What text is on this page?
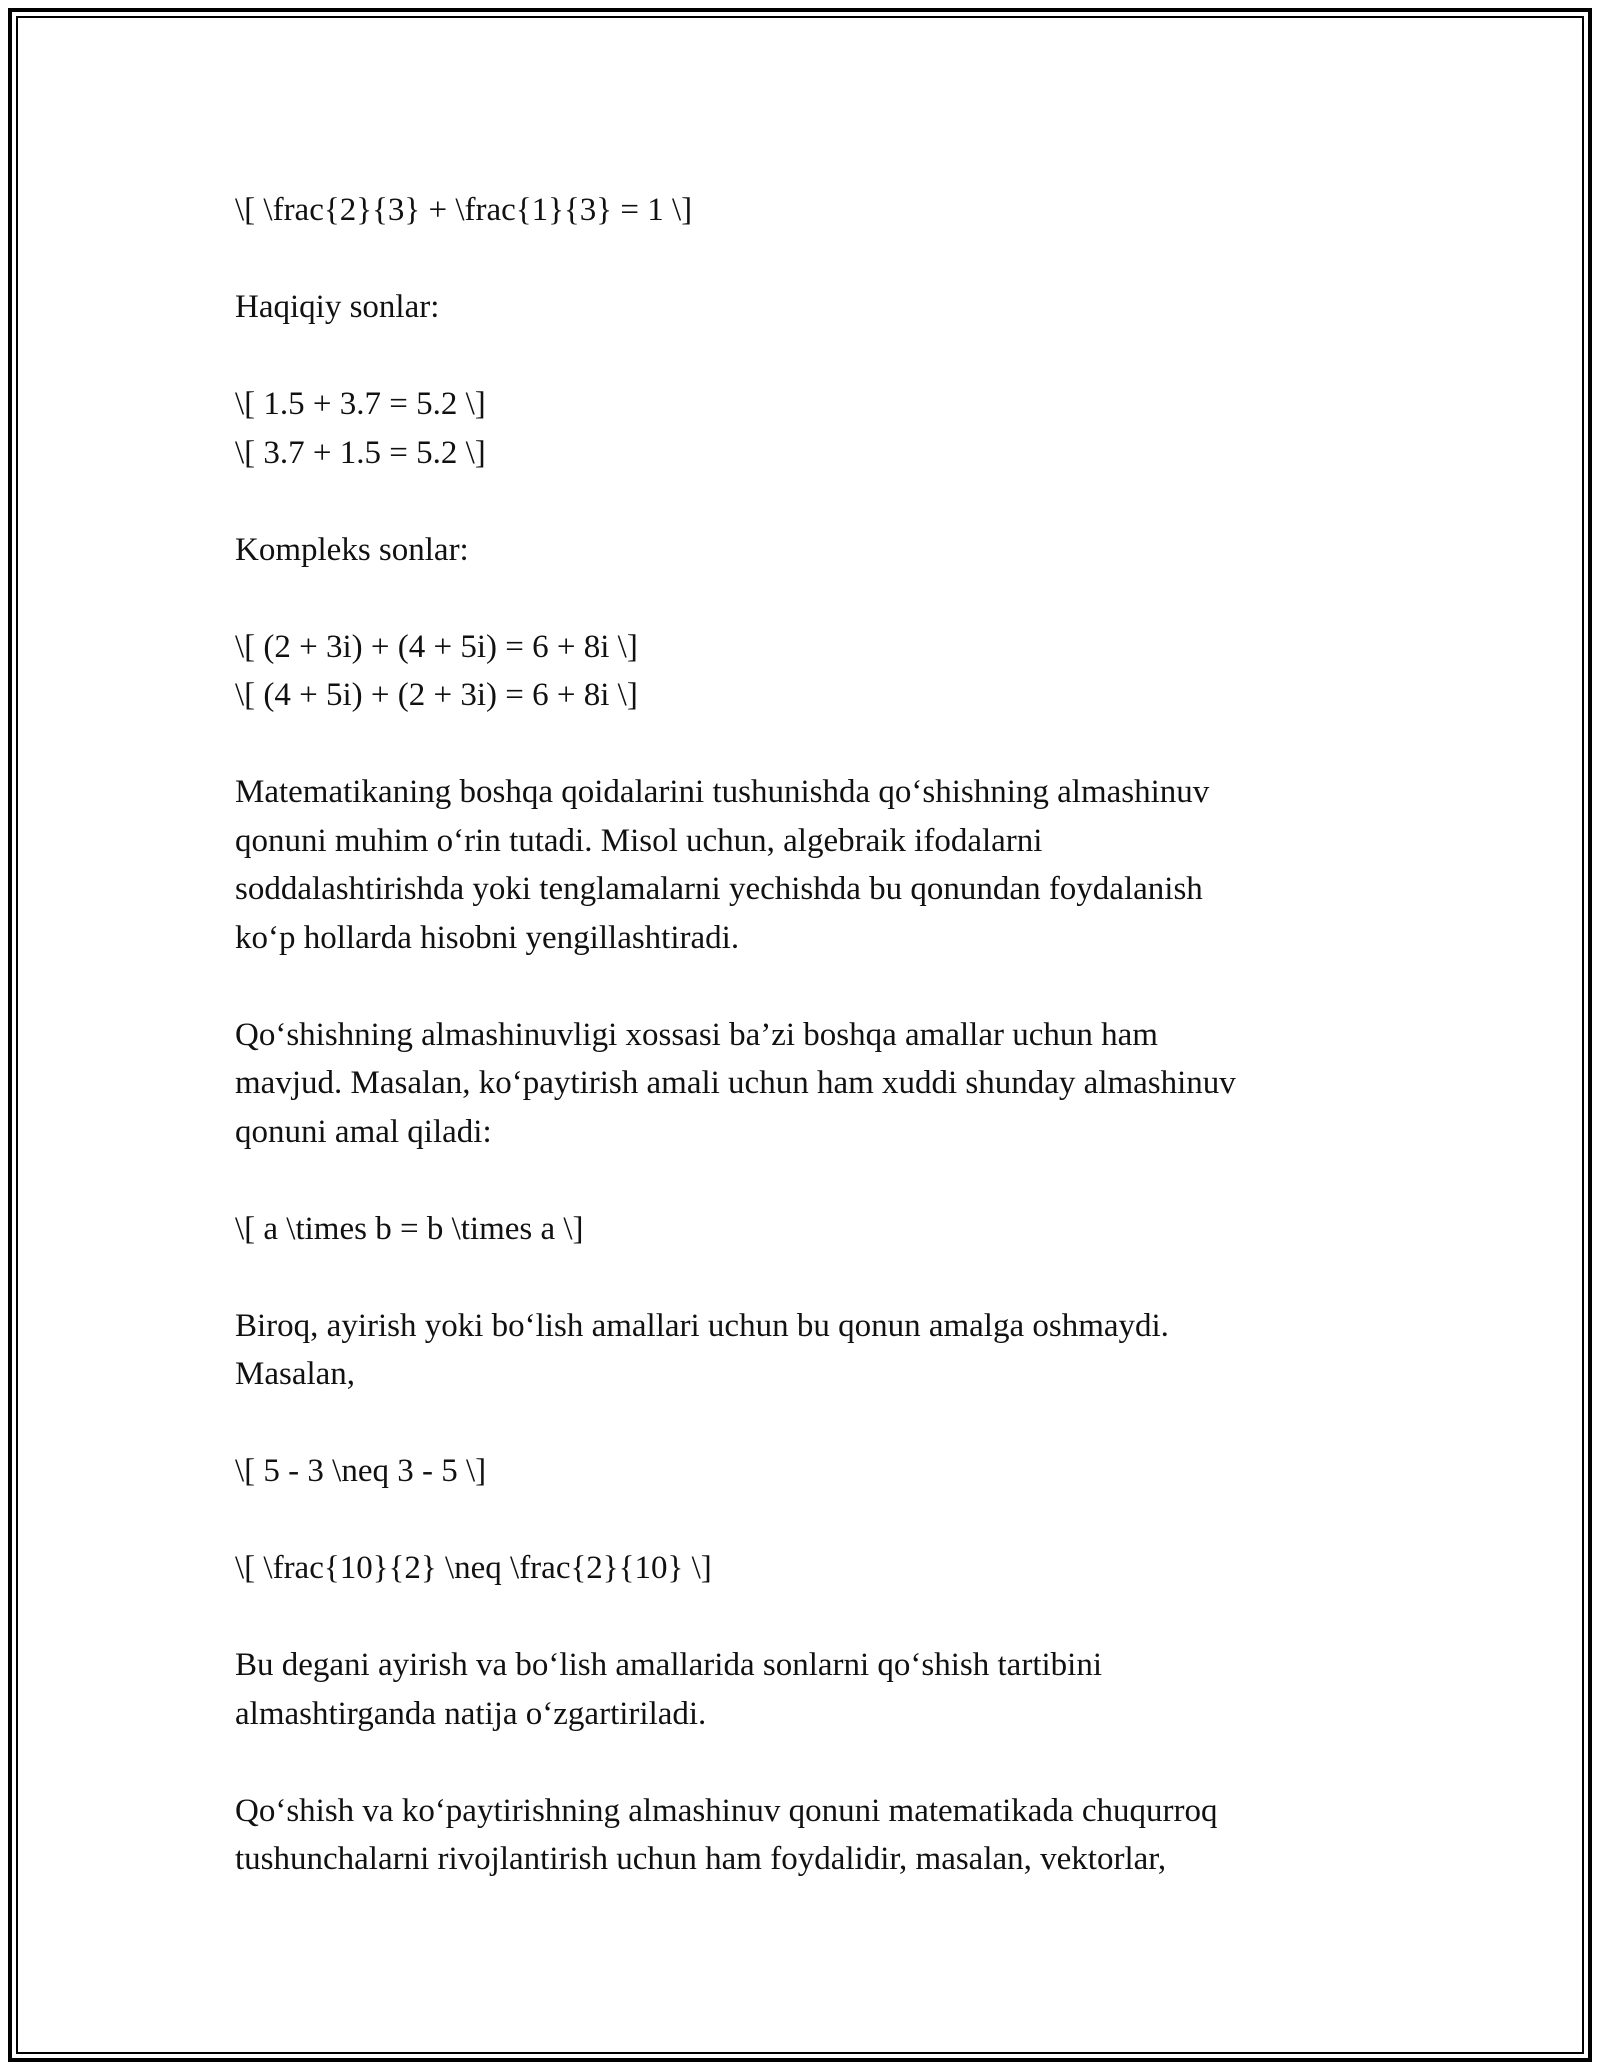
\[ \frac{2}{3} + \frac{1}{3} = 1 \]
Haqiqiy sonlar:
\[ 1.5 + 3.7 = 5.2 \]
\[ 3.7 + 1.5 = 5.2 \]
Kompleks sonlar:
\[ (2 + 3i) + (4 + 5i) = 6 + 8i \]
\[ (4 + 5i) + (2 + 3i) = 6 + 8i \]
Matematikaning boshqa qoidalarini tushunishda qo‘shishning almashinuv
qonuni muhim o‘rin tutadi. Misol uchun, algebraik ifodalarni
soddalashtirishda yoki tenglamalarni yechishda bu qonundan foydalanish
ko‘p hollarda hisobni yengillashtiradi.
Qo‘shishning almashinuvligi xossasi ba’zi boshqa amallar uchun ham
mavjud. Masalan, ko‘paytirish amali uchun ham xuddi shunday almashinuv
qonuni amal qiladi:
\[ a \times b = b \times a \]
Biroq, ayirish yoki bo‘lish amallari uchun bu qonun amalga oshmaydi.
Masalan,
\[ 5 - 3 \neq 3 - 5 \]
\[ \frac{10}{2} \neq \frac{2}{10} \]
Bu degani ayirish va bo‘lish amallarida sonlarni qo‘shish tartibini
almashtirganda natija o‘zgartiriladi.
Qo‘shish va ko‘paytirishning almashinuv qonuni matematikada chuqurroq
tushunchalarni rivojlantirish uchun ham foydalidir, masalan, vektorlar,
